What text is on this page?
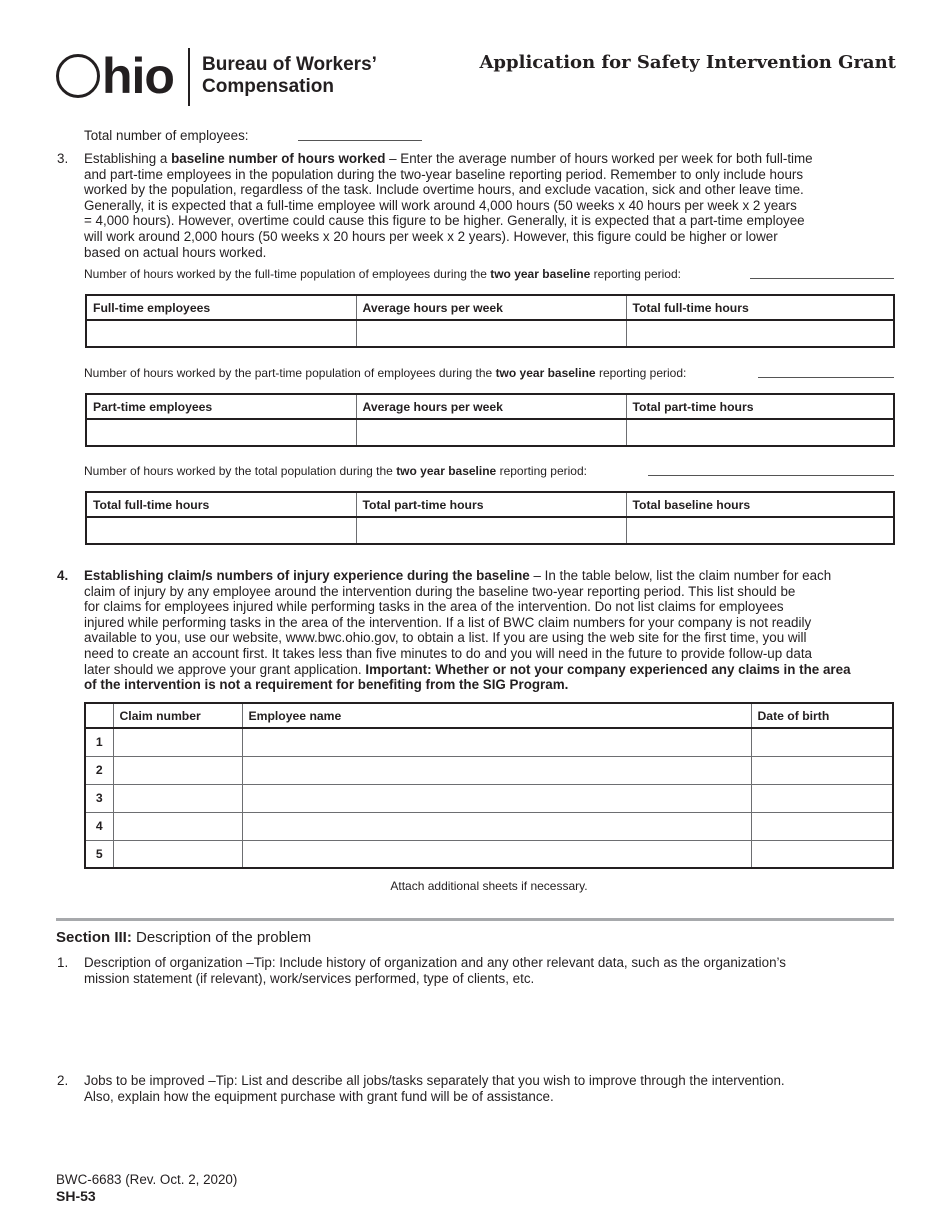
hio Bureau of Workers’
Compensation
Application for Safety Intervention Grant
Total number of employees:
3. Establishing a baseline number of hours worked – Enter the average number of hours worked per week for both full-time
and part-time employees in the population during the two-year baseline reporting period. Remember to only include hours
worked by the population, regardless of the task. Include overtime hours, and exclude vacation, sick and other leave time.
Generally, it is expected that a full-time employee will work around 4,000 hours (50 weeks x 40 hours per week x 2 years
= 4,000 hours). However, overtime could cause this figure to be higher. Generally, it is expected that a part-time employee
will work around 2,000 hours (50 weeks x 20 hours per week x 2 years). However, this figure could be higher or lower
based on actual hours worked.
Number of hours worked by the full-time population of employees during the two year baseline reporting period:
Full-time employees	Average hours per week	Total full-time hours

Number of hours worked by the part-time population of employees during the two year baseline reporting period:
Part-time employees	Average hours per week	Total part-time hours

Number of hours worked by the total population during the two year baseline reporting period:
Total full-time hours	Total part-time hours	Total baseline hours

4. Establishing claim/s numbers of injury experience during the baseline – In the table below, list the claim number for each
claim of injury by any employee around the intervention during the baseline two-year reporting period. This list should be
for claims for employees injured while performing tasks in the area of the intervention. Do not list claims for employees
injured while performing tasks in the area of the intervention. If a list of BWC claim numbers for your company is not readily
available to you, use our website, www.bwc.ohio.gov, to obtain a list. If you are using the web site for the first time, you will
need to create an account first. It takes less than five minutes to do and you will need in the future to provide follow-up data
later should we approve your grant application. Important: Whether or not your company experienced any claims in the area
of the intervention is not a requirement for benefiting from the SIG Program.
	Claim number	Employee name	Date of birth
1			
2			
3			
4			
5			
Attach additional sheets if necessary.
Section III: Description of the problem
1. Description of organization –Tip: Include history of organization and any other relevant data, such as the organization’s
mission statement (if relevant), work/services performed, type of clients, etc.
2. Jobs to be improved –Tip: List and describe all jobs/tasks separately that you wish to improve through the intervention.
Also, explain how the equipment purchase with grant fund will be of assistance.
BWC-6683 (Rev. Oct. 2, 2020)
SH-53
